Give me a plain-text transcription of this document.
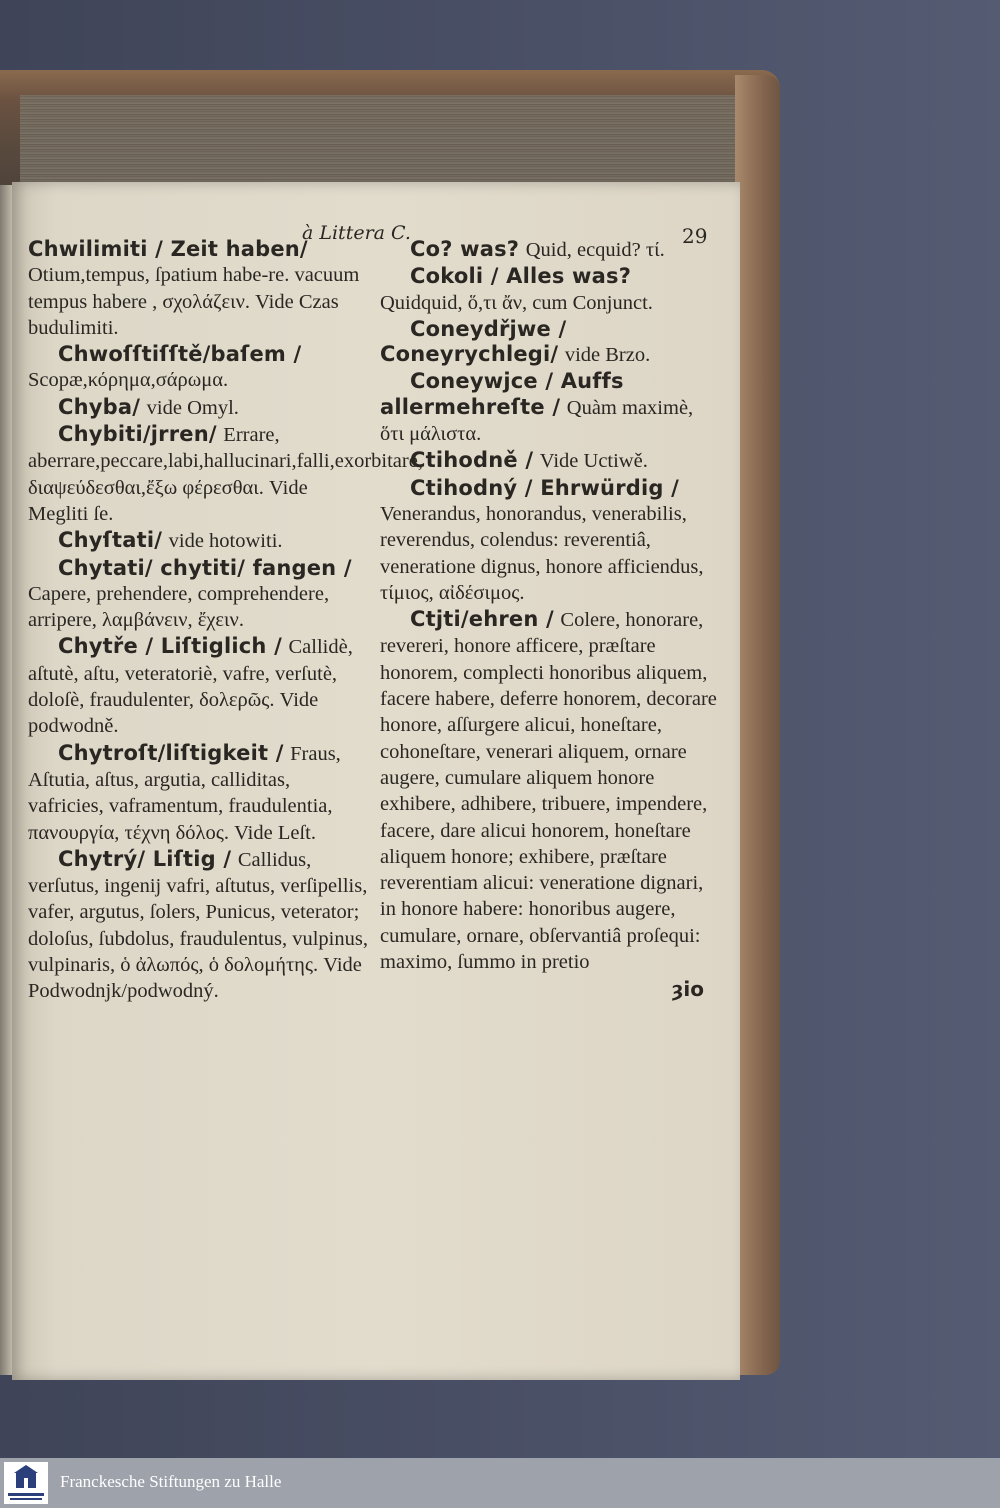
à Littera C.	29
Chwilimiti / Zeit haben/ Otium,tempus, ſpatium habe-re. vacuum tempus habere , σχολάζειν. Vide Czas budulimiti.
Chwoſſtiſſtě/baſem / Scopæ,κόρημα,σάρωμα.
Chyba/ vide Omyl.
Chybiti/jrren/ Errare, aberrare,peccare,labi,hallucinari,falli,exorbitare, διαψεύδεσθαι,ἔξω φέρεσθαι. Vide Megliti ſe.
Chyſtati/ vide hotowiti.
Chytati/ chytiti/ fangen / Capere, prehendere, comprehendere, arripere, λαμβάνειν, ἔχειν.
Chytře / Liſtiglich / Callidè, aſtutè, aſtu, veteratoriè, vafre, verſutè, doloſè, fraudulenter, δολερῶς. Vide podwodně.
Chytroſt/liſtigkeit / Fraus, Aſtutia, aſtus, argutia, calliditas, vafricies, vaframentum, fraudulentia, πανουργία, τέχνη δόλος. Vide Leſt.
Chytrý/ Liſtig / Callidus, verſutus, ingenij vafri, aſtutus, verſipellis, vafer, argutus, ſolers, Punicus, veterator; doloſus, ſubdolus, fraudulentus, vulpinus, vulpinaris, ὁ ἀλωπός, ὁ δολομήτης. Vide Podwodnjk/podwodný.
Co? was? Quid, ecquid? τί.
Cokoli / Alles was? Quidquid, ὅ,τι ἄν, cum Conjunct.
Coneydřjwe / Coneyrychlegi/ vide Brzo.
Coneywjce / Auffs allermehreſte / Quàm maximè, ὅτι μάλιστα.
Ctihodně / Vide Uctiwě.
Ctihodný / Ehrwürdig / Venerandus, honorandus, venerabilis, reverendus, colendus: reverentiâ, veneratione dignus, honore afficiendus, τίμιος, αἰδέσιμος.
Ctjti/ehren / Colere, honorare, revereri, honore afficere, præſtare honorem, complecti honoribus aliquem, facere habere, deferre honorem, decorare honore, aſſurgere alicui, honeſtare, cohoneſtare, venerari aliquem, ornare augere, cumulare aliquem honore exhibere, adhibere, tribuere, impendere, facere, dare alicui honorem, honeſtare aliquem honore; exhibere, præſtare reverentiam alicui: veneratione dignari, in honore habere: honoribus augere, cumulare, ornare, obſervantiâ proſequi: maximo, ſummo in pretio
ȝio
Franckesche Stiftungen zu Halle
